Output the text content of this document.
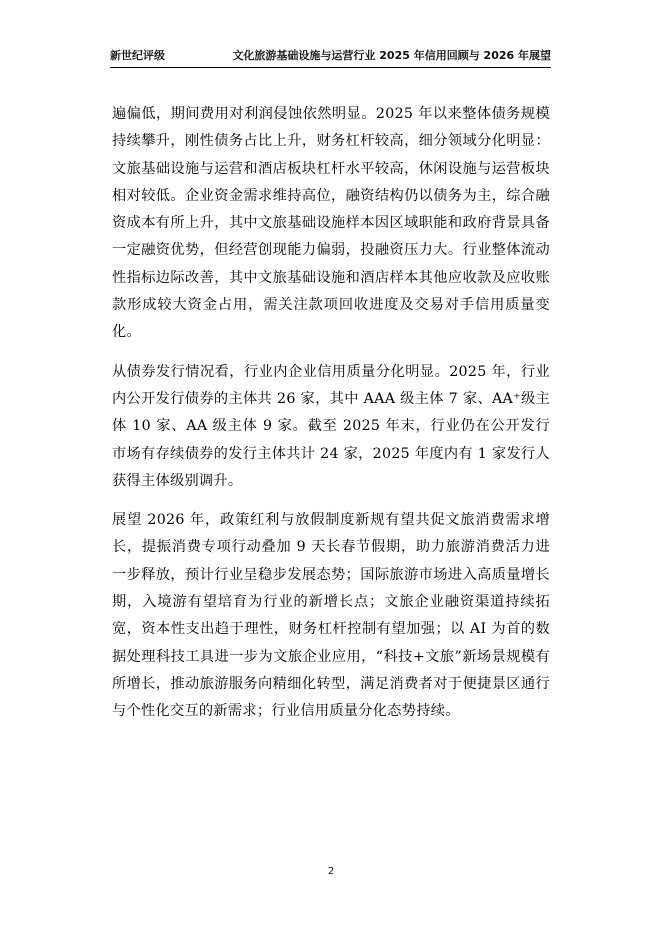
新世纪评级	文化旅游基础设施与运营行业 2025 年信用回顾与 2026 年展望

遍偏低，期间费用对利润侵蚀依然明显。2025 年以来整体债务规模持续攀升，刚性债务占比上升，财务杠杆较高，细分领域分化明显：文旅基础设施与运营和酒店板块杠杆水平较高，休闲设施与运营板块相对较低。企业资金需求维持高位，融资结构仍以债务为主，综合融资成本有所上升，其中文旅基础设施样本因区域职能和政府背景具备一定融资优势，但经营创现能力偏弱，投融资压力大。行业整体流动性指标边际改善，其中文旅基础设施和酒店样本其他应收款及应收账款形成较大资金占用，需关注款项回收进度及交易对手信用质量变化。

从债券发行情况看，行业内企业信用质量分化明显。2025 年，行业内公开发行债券的主体共 26 家，其中 AAA 级主体 7 家、AA⁺级主体 10 家、AA 级主体 9 家。截至 2025 年末，行业仍在公开发行市场有存续债券的发行主体共计 24 家，2025 年度内有 1 家发行人获得主体级别调升。

展望 2026 年，政策红利与放假制度新规有望共促文旅消费需求增长，提振消费专项行动叠加 9 天长春节假期，助力旅游消费活力进一步释放，预计行业呈稳步发展态势；国际旅游市场进入高质量增长期，入境游有望培育为行业的新增长点；文旅企业融资渠道持续拓宽，资本性支出趋于理性，财务杠杆控制有望加强；以 AI 为首的数据处理科技工具进一步为文旅企业应用，“科技+文旅”新场景规模有所增长，推动旅游服务向精细化转型，满足消费者对于便捷景区通行与个性化交互的新需求；行业信用质量分化态势持续。

2
